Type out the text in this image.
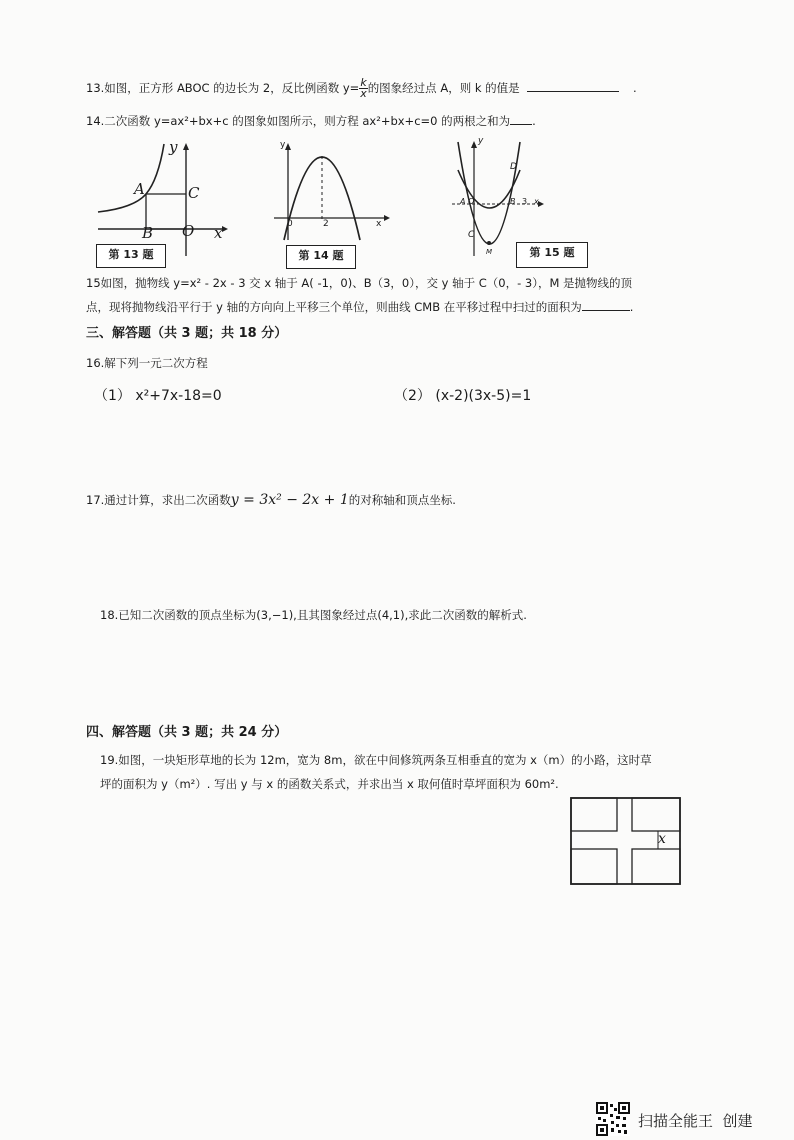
13.如图，正方形 ABOC 的边长为 2，反比例函数 $y= \frac{k}{x}$ 的图象经过点 A，则 k 的值是	.
14.二次函数 y=ax²+bx+c 的图象如图所示，则方程 ax²+bx+c=0 的两根之和为 .
y
A	C
B O x
第 13 题
y
0	2	x
第 14 题
y
D
A O	B 3 x
C
M	第 15 题
15如图，抛物线 y=x² - 2x - 3 交 x 轴于 A( -1，0)、B（3，0），交 y 轴于 C（0，- 3），M 是抛物线的顶
点，现将抛物线沿平行于 y 轴的方向向上平移三个单位，则曲线 CMB 在平移过程中扫过的面积为	.
三、解答题（共 3 题；共 18 分）
16.解下列一元二次方程
（1） x²+7x-18=0	（2） (x-2)(3x-5)=1
17.通过计算，求出二次函数y = 3x² − 2x + 1的对称轴和顶点坐标.
18.已知二次函数的顶点坐标为(3,−1),且其图象经过点(4,1),求此二次函数的解析式.
四、解答题（共 3 题；共 24 分）
19.如图，一块矩形草地的长为 12m，宽为 8m，欲在中间修筑两条互相垂直的宽为 x（m）的小路，这时草
坪的面积为 y（m²）. 写出 y 与 x 的函数关系式，并求出当 x 取何值时草坪面积为 60m².
x
扫描全能王  创建
